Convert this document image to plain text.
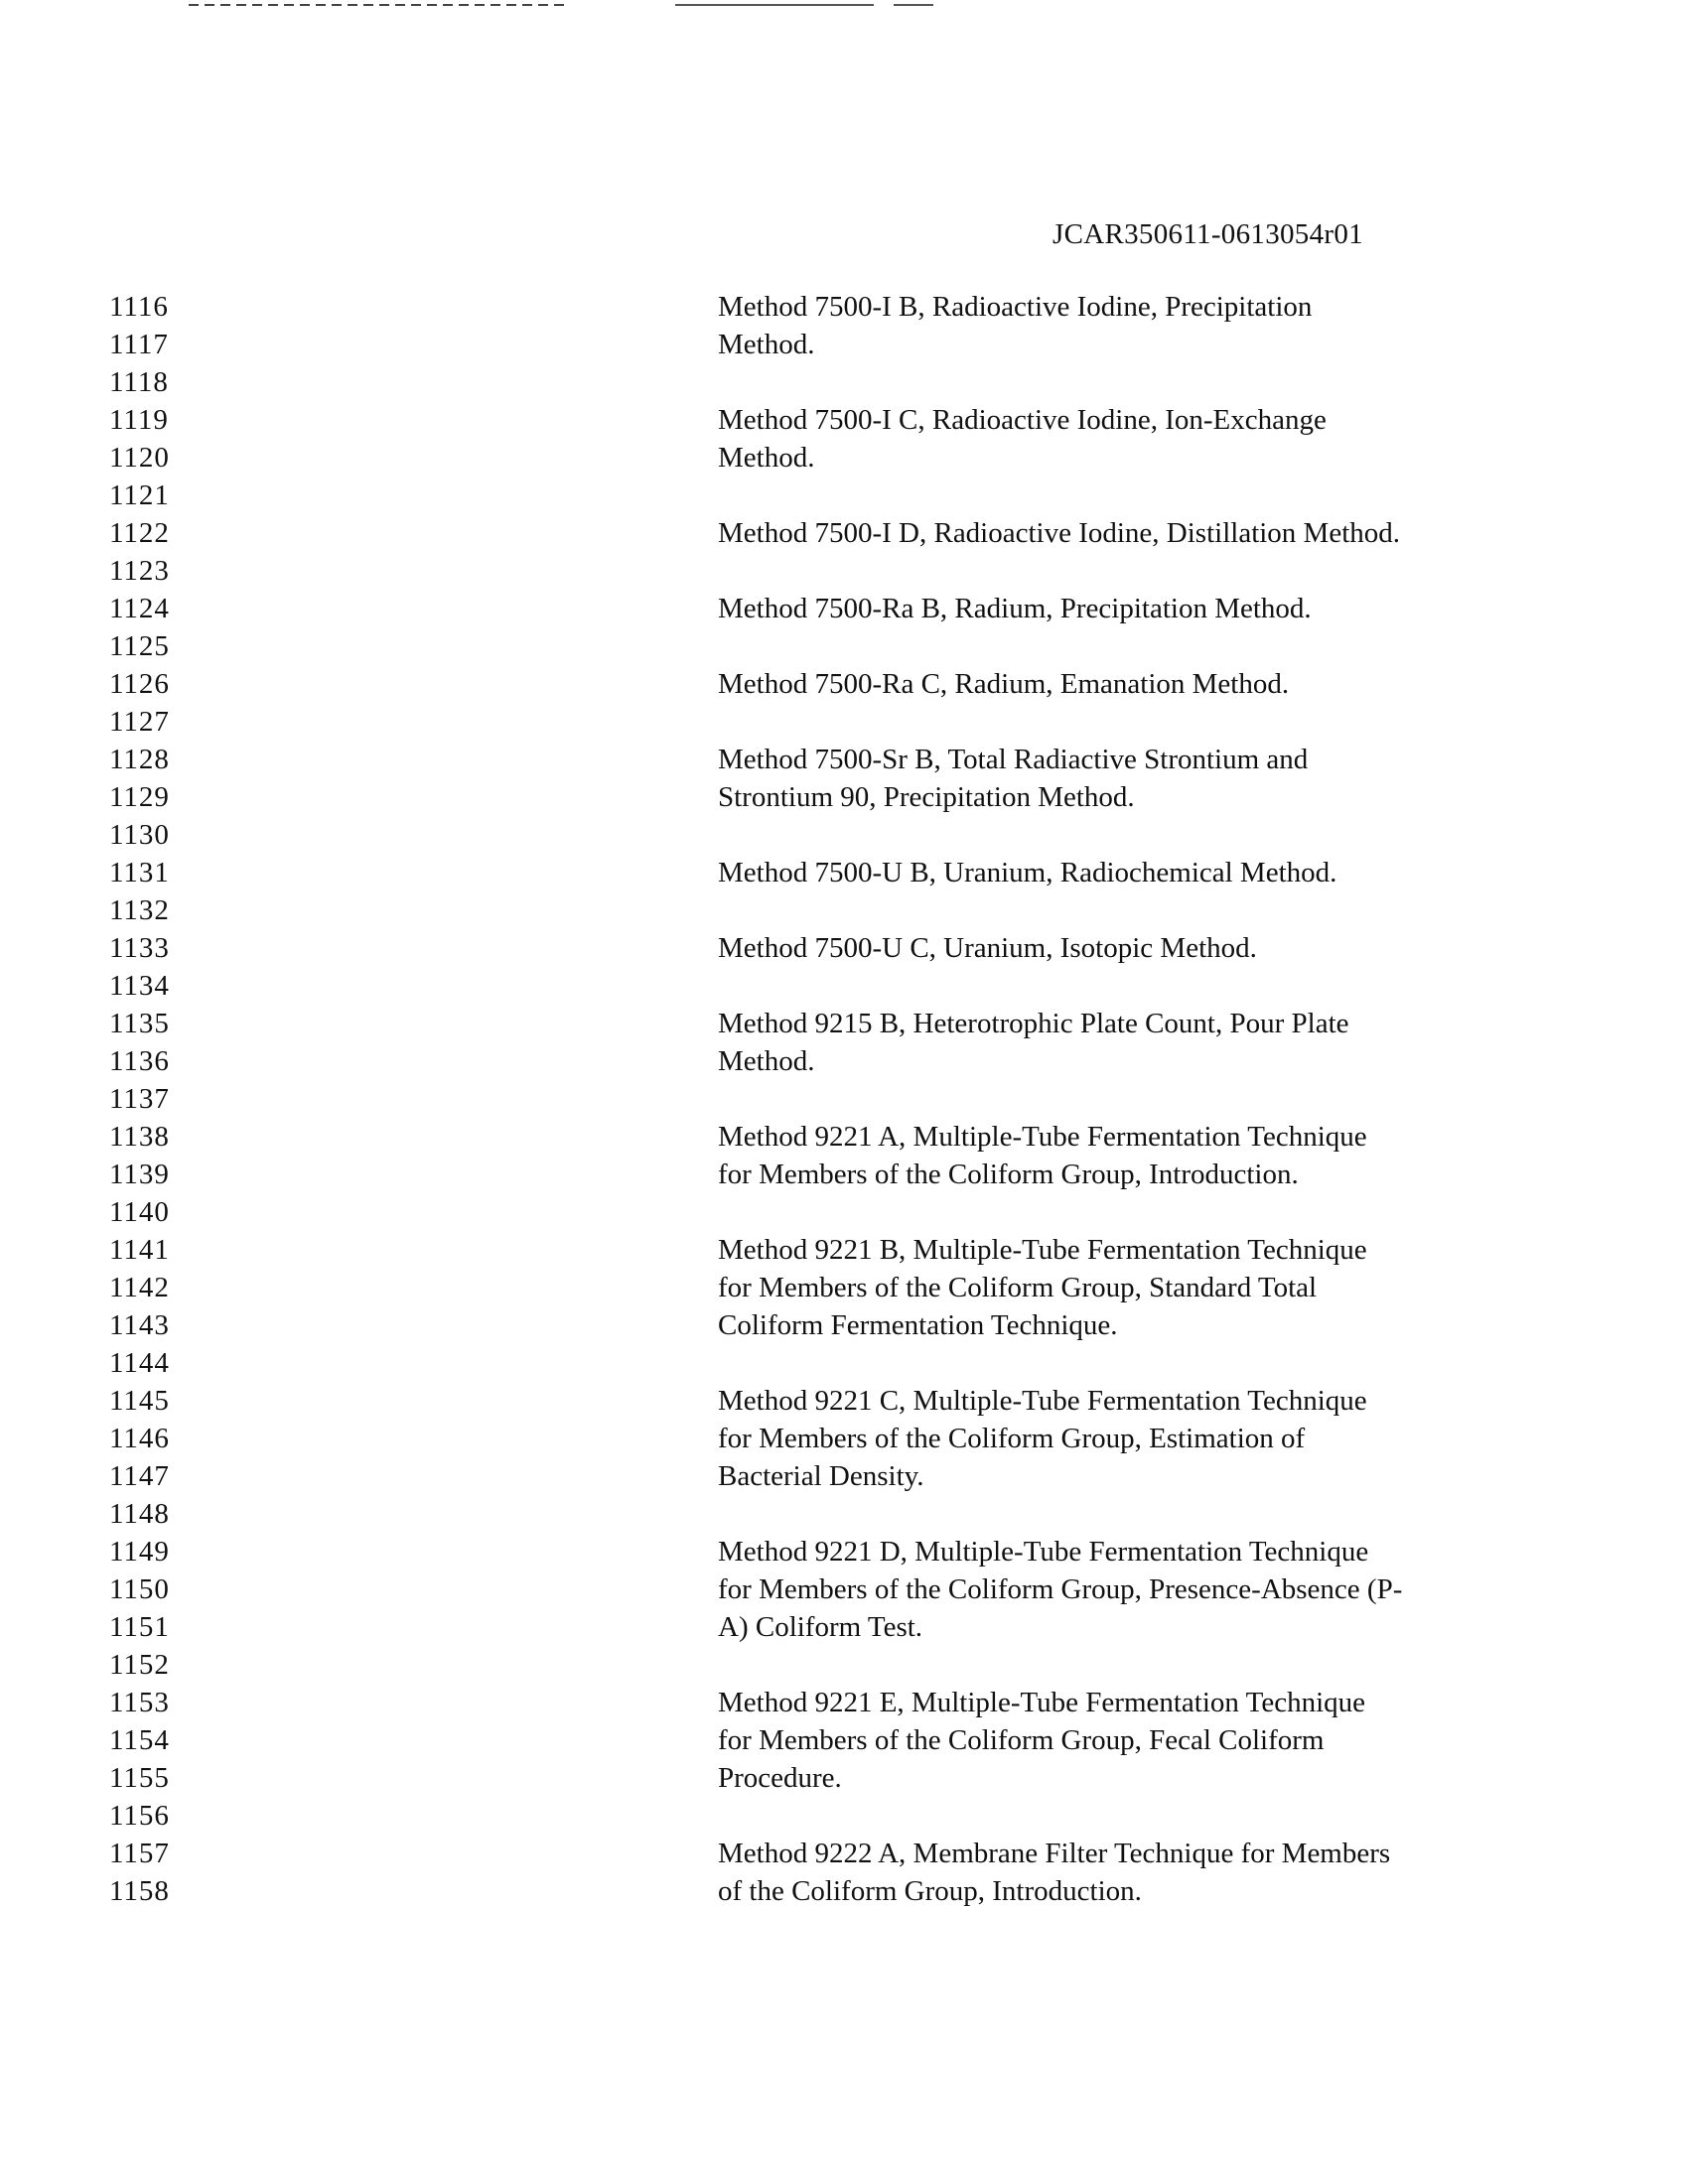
JCAR350611-0613054r01
1116
1117
1118
1119
1120
1121
1122
1123
1124
1125
1126
1127
1128
1129
1130
1131
1132
1133
1134
1135
1136
1137
1138
1139
1140
1141
1142
1143
1144
1145
1146
1147
1148
1149
1150
1151
1152
1153
1154
1155
1156
1157
1158
Method 7500-I B, Radioactive Iodine, Precipitation
Method.
Method 7500-I C, Radioactive Iodine, Ion-Exchange
Method.
Method 7500-I D, Radioactive Iodine, Distillation Method.
Method 7500-Ra B, Radium, Precipitation Method.
Method 7500-Ra C, Radium, Emanation Method.
Method 7500-Sr B, Total Radiactive Strontium and
Strontium 90, Precipitation Method.
Method 7500-U B, Uranium, Radiochemical Method.
Method 7500-U C, Uranium, Isotopic Method.
Method 9215 B, Heterotrophic Plate Count, Pour Plate
Method.
Method 9221 A, Multiple-Tube Fermentation Technique
for Members of the Coliform Group, Introduction.
Method 9221 B, Multiple-Tube Fermentation Technique
for Members of the Coliform Group, Standard Total
Coliform Fermentation Technique.
Method 9221 C, Multiple-Tube Fermentation Technique
for Members of the Coliform Group, Estimation of
Bacterial Density.
Method 9221 D, Multiple-Tube Fermentation Technique
for Members of the Coliform Group, Presence-Absence (P-
A) Coliform Test.
Method 9221 E, Multiple-Tube Fermentation Technique
for Members of the Coliform Group, Fecal Coliform
Procedure.
Method 9222 A, Membrane Filter Technique for Members
of the Coliform Group, Introduction.
